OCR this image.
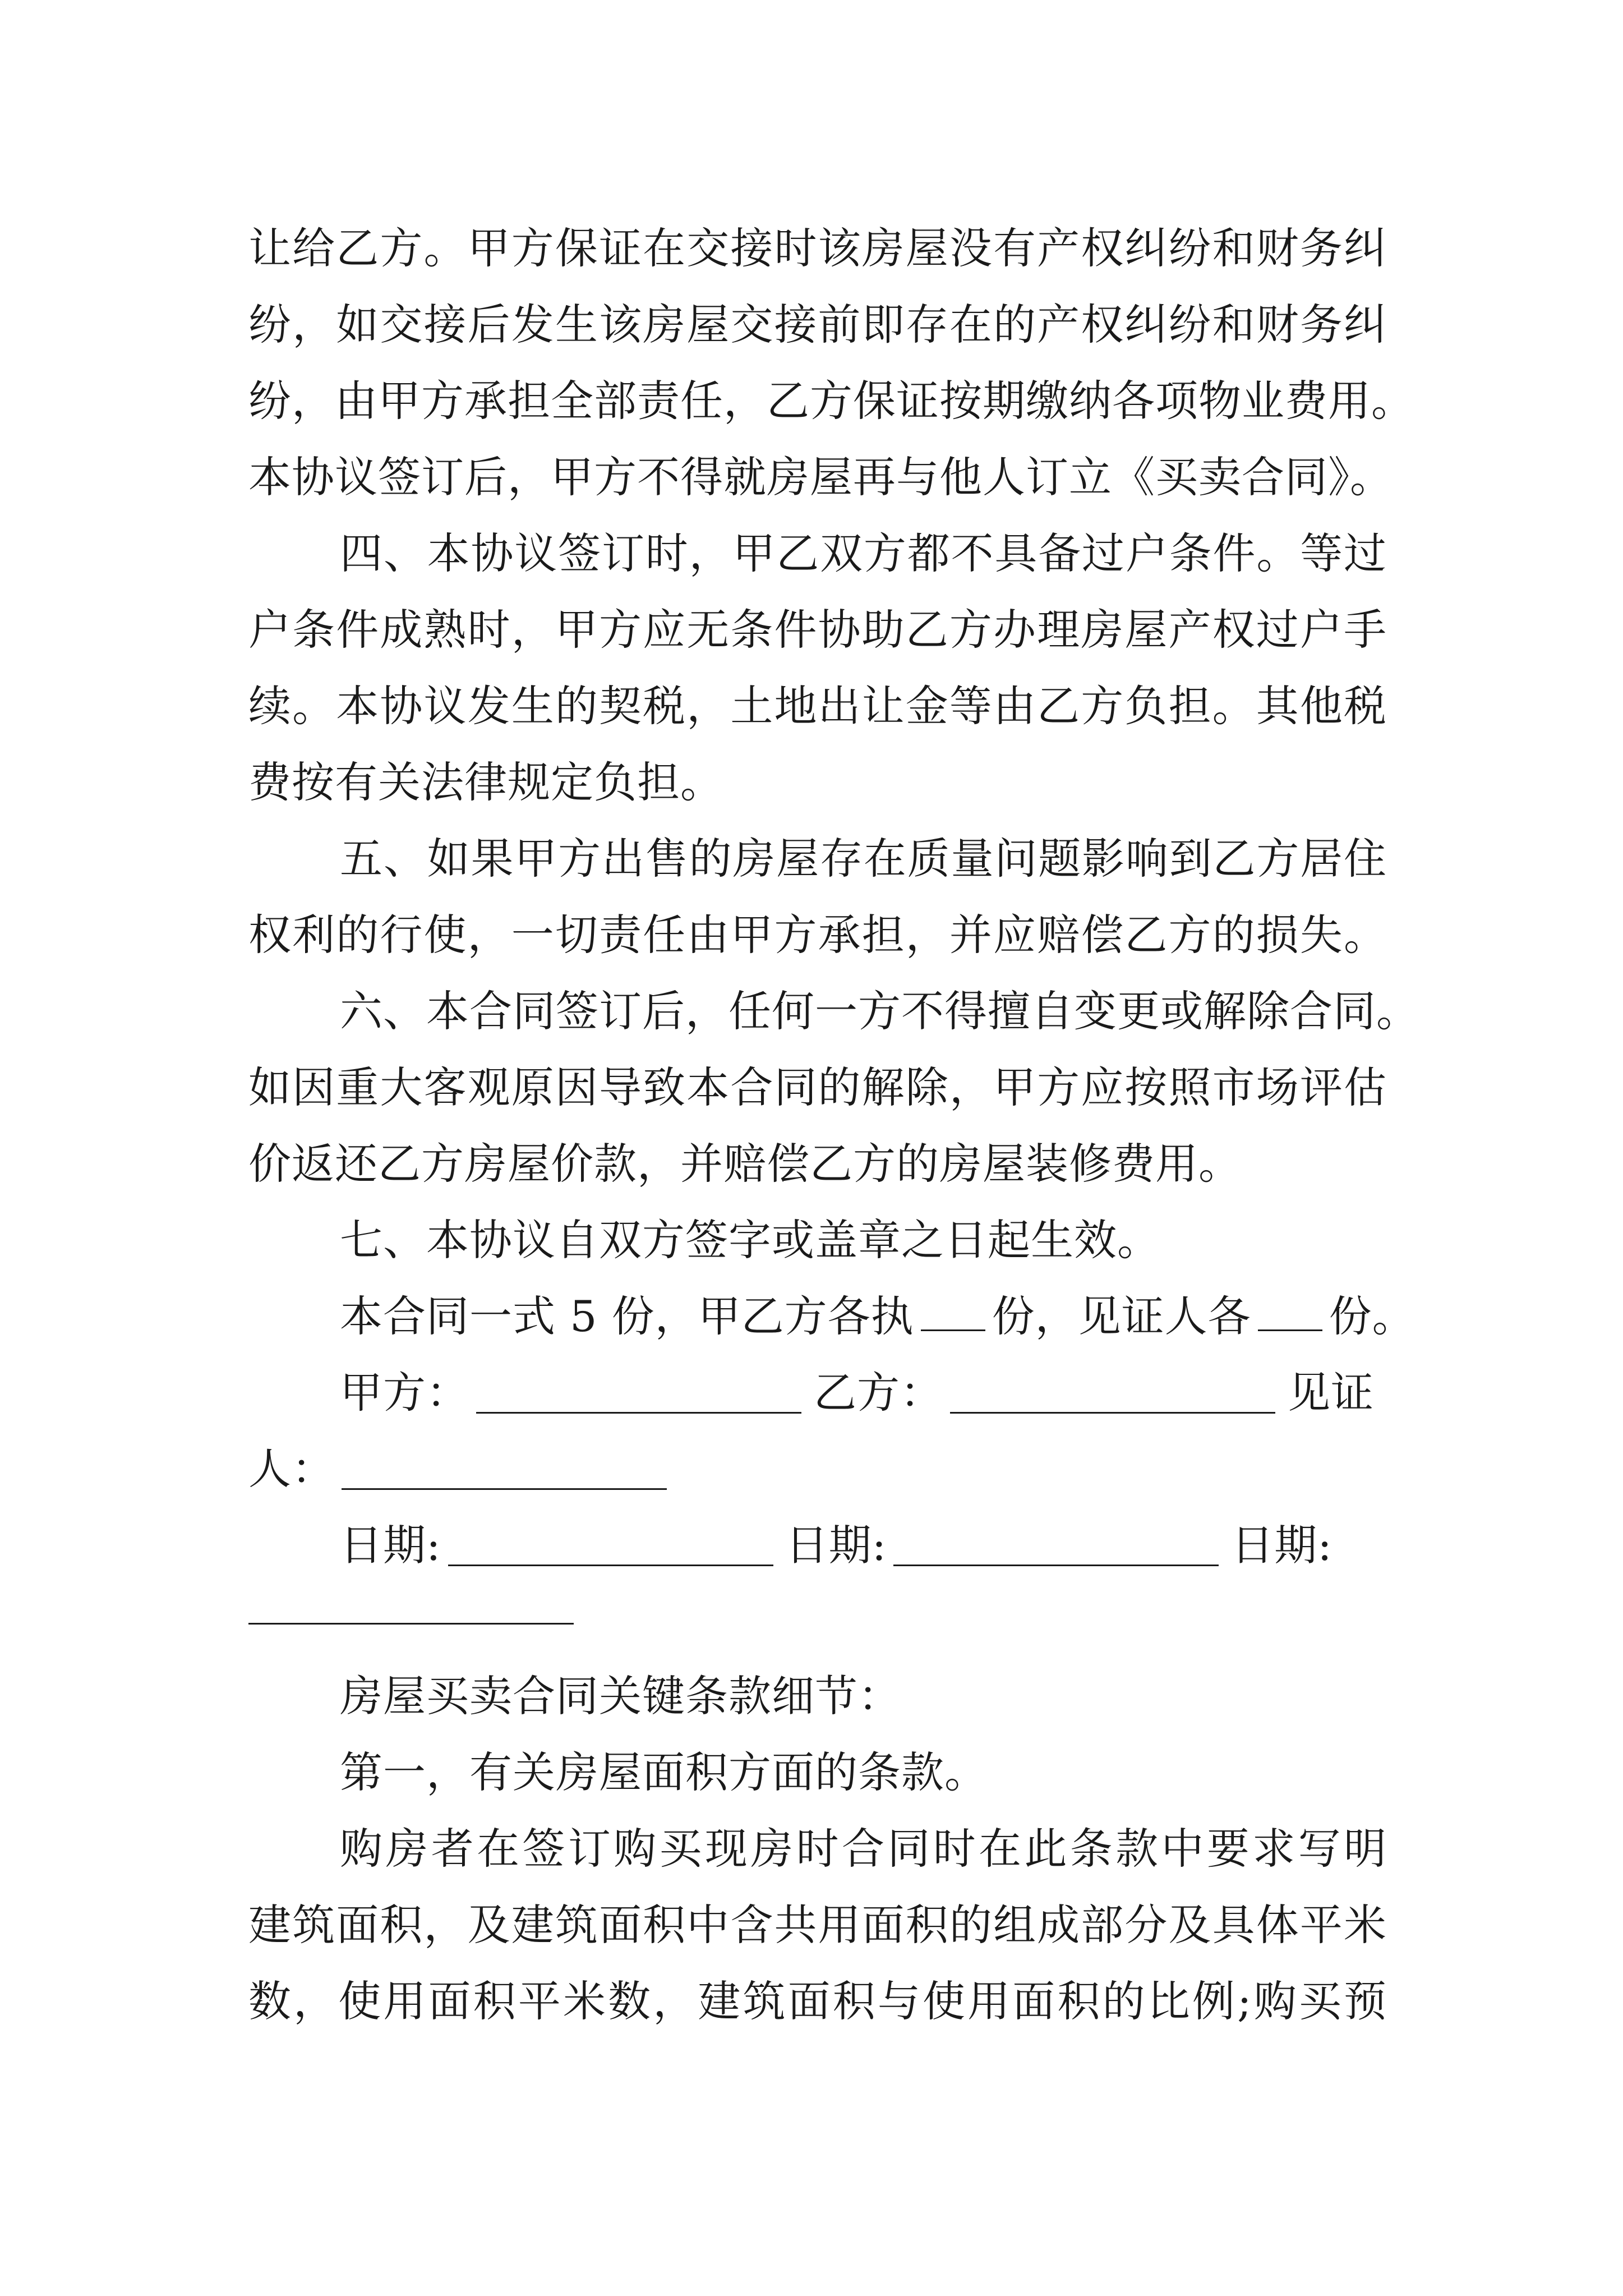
让给乙方。甲方保证在交接时该房屋没有产权纠纷和财务纠
纷，如交接后发生该房屋交接前即存在的产权纠纷和财务纠
纷，由甲方承担全部责任，乙方保证按期缴纳各项物业费用。
本协议签订后，甲方不得就房屋再与他人订立《买卖合同》。
四、本协议签订时，甲乙双方都不具备过户条件。等过
户条件成熟时，甲方应无条件协助乙方办理房屋产权过户手
续。本协议发生的契税，土地出让金等由乙方负担。其他税
费按有关法律规定负担。
五、如果甲方出售的房屋存在质量问题影响到乙方居住
权利的行使，一切责任由甲方承担，并应赔偿乙方的损失。
六、本合同签订后，任何一方不得擅自变更或解除合同。
如因重大客观原因导致本合同的解除，甲方应按照市场评估
价返还乙方房屋价款，并赔偿乙方的房屋装修费用。
七、本协议自双方签字或盖章之日起生效。
本合同一式 5 份，甲乙方各执 份，见证人各 份。
甲方：	乙方：	见证
人：
日期:	日期:	日期:
房屋买卖合同关键条款细节：
第一，有关房屋面积方面的条款。
购房者在签订购买现房时合同时在此条款中要求写明
建筑面积，及建筑面积中含共用面积的组成部分及具体平米
数，使用面积平米数，建筑面积与使用面积的比例;购买预
